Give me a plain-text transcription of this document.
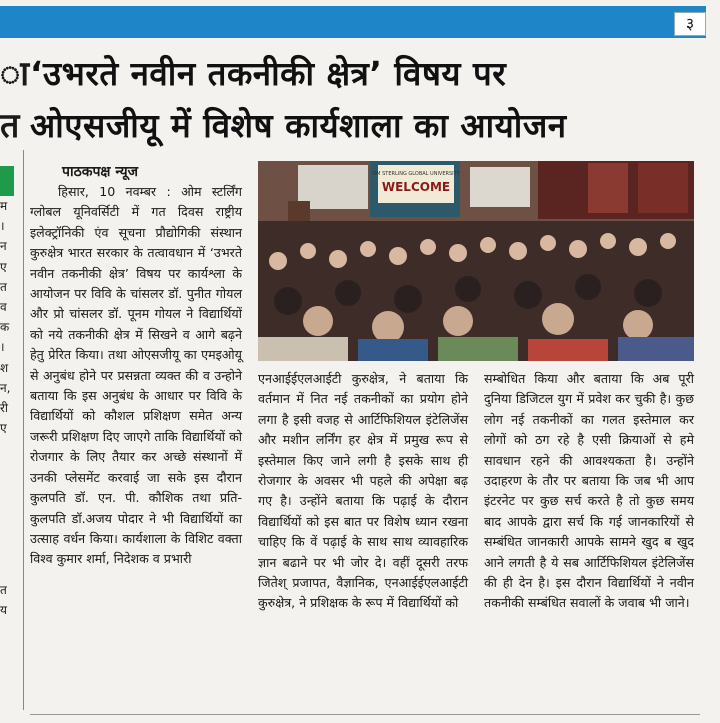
३
ा
त
म
।
न
ए
त
व
क
।
श
न,
री
ए

त
य
‘उभरते नवीन तकनीकी क्षेत्र’ विषय पर
ओएसजीयू में विशेष कार्यशाला का आयोजन
पाठकपक्ष न्यूज
हिसार, 10 नवम्बर : ओम स्टर्लिंग ग्लोबल यूनिवर्सिटी में गत दिवस राष्ट्रीय इलेक्ट्रॉनिकी एंव सूचना प्रौद्योगिकी संस्थान कुरुक्षेत्र भारत सरकार के तत्वावधान में ‘उभरते नवीन तकनीकी क्षेत्र’ विषय पर कार्यश्ला के आयोजन पर विवि के चांसलर डॉ. पुनीत गोयल और प्रो चांसलर डॉ. पूनम गोयल ने विद्यार्थियों को नये तकनीकी क्षेत्र में सिखने व आगे बढ़ने हेतु प्रेरित किया। तथा ओएसजीयू का एमइओयू से अनुबंध होने पर प्रसन्नता व्यक्त की व उन्होने बताया कि इस अनुबंध के आधार पर विवि के विद्यार्थियों को कौशल प्रशिक्षण समेत अन्य जरूरी प्रशिक्षण दिए जाएगे ताकि विद्यार्थियों को रोजगार के लिए तैयार कर अच्छे संस्थानों में उनकी प्लेसमेंट करवाई जा सके इस दौरान कुलपति डॉ. एन. पी. कौशिक तथा प्रति-कुलपति डॉ.अजय पोदार ने भी विद्यार्थियों का उत्साह वर्धन किया। कार्यशाला के विशिट वक्ता विश्व कुमार शर्मा, निदेशक व प्रभारी
OM STERLING GLOBAL UNIVERSITY
WELCOME
एनआईईएलआईटी कुरुक्षेत्र, ने बताया कि वर्तमान में नित नई तकनीकों का प्रयोग होने लगा है इसी वजह से आर्टिफिशियल इंटेलिजेंस और मशीन लर्निंग हर क्षेत्र में प्रमुख रूप से इस्तेमाल किए जाने लगी है इसके साथ ही रोजगार के अवसर भी पहले की अपेक्षा बढ़ गए है। उन्होंने बताया कि पढ़ाई के दौरान विद्यार्थियों को इस बात पर विशेष ध्यान रखना चाहिए कि वें पढ़ाई के साथ साथ व्यावहारिक ज्ञान बढाने पर भी जोर दे। वहीं दूसरी तरफ जितेश् प्रजापत, वैज्ञानिक, एनआईईएलआईटी कुरुक्षेत्र, ने प्रशिक्षक के रूप में विद्यार्थियों को
सम्बोधित किया और बताया कि अब पूरी दुनिया डिजिटल युग में प्रवेश कर चुकी है। कुछ लोग नई तकनीकों का गलत इस्तेमाल कर लोगों को ठग रहे है एसी क्रियाओं से हमे सावधान रहने की आवश्यकता है। उन्होंने उदाहरण के तौर पर बताया कि जब भी आप इंटरनेट पर कुछ सर्च करते है तो कुछ समय बाद आपके द्वारा सर्च कि गई जानकारियों से सम्बंधित जानकारी आपके सामने खुद ब खुद आने लगती है ये सब आर्टिफिशियल इंटेलिजेंस की ही देन है। इस दौरान विद्यार्थियों ने नवीन तकनीकी सम्बंधित सवालों के जवाब भी जाने।
